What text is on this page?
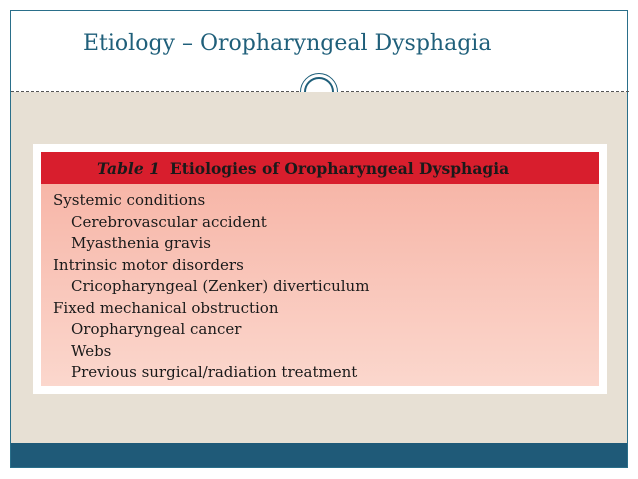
Etiology – Oropharyngeal Dysphagia
Table 1 Etiologies of Oropharyngeal Dysphagia
Systemic conditions
Cerebrovascular accident
Myasthenia gravis
Intrinsic motor disorders
Cricopharyngeal (Zenker) diverticulum
Fixed mechanical obstruction
Oropharyngeal cancer
Webs
Previous surgical/radiation treatment
